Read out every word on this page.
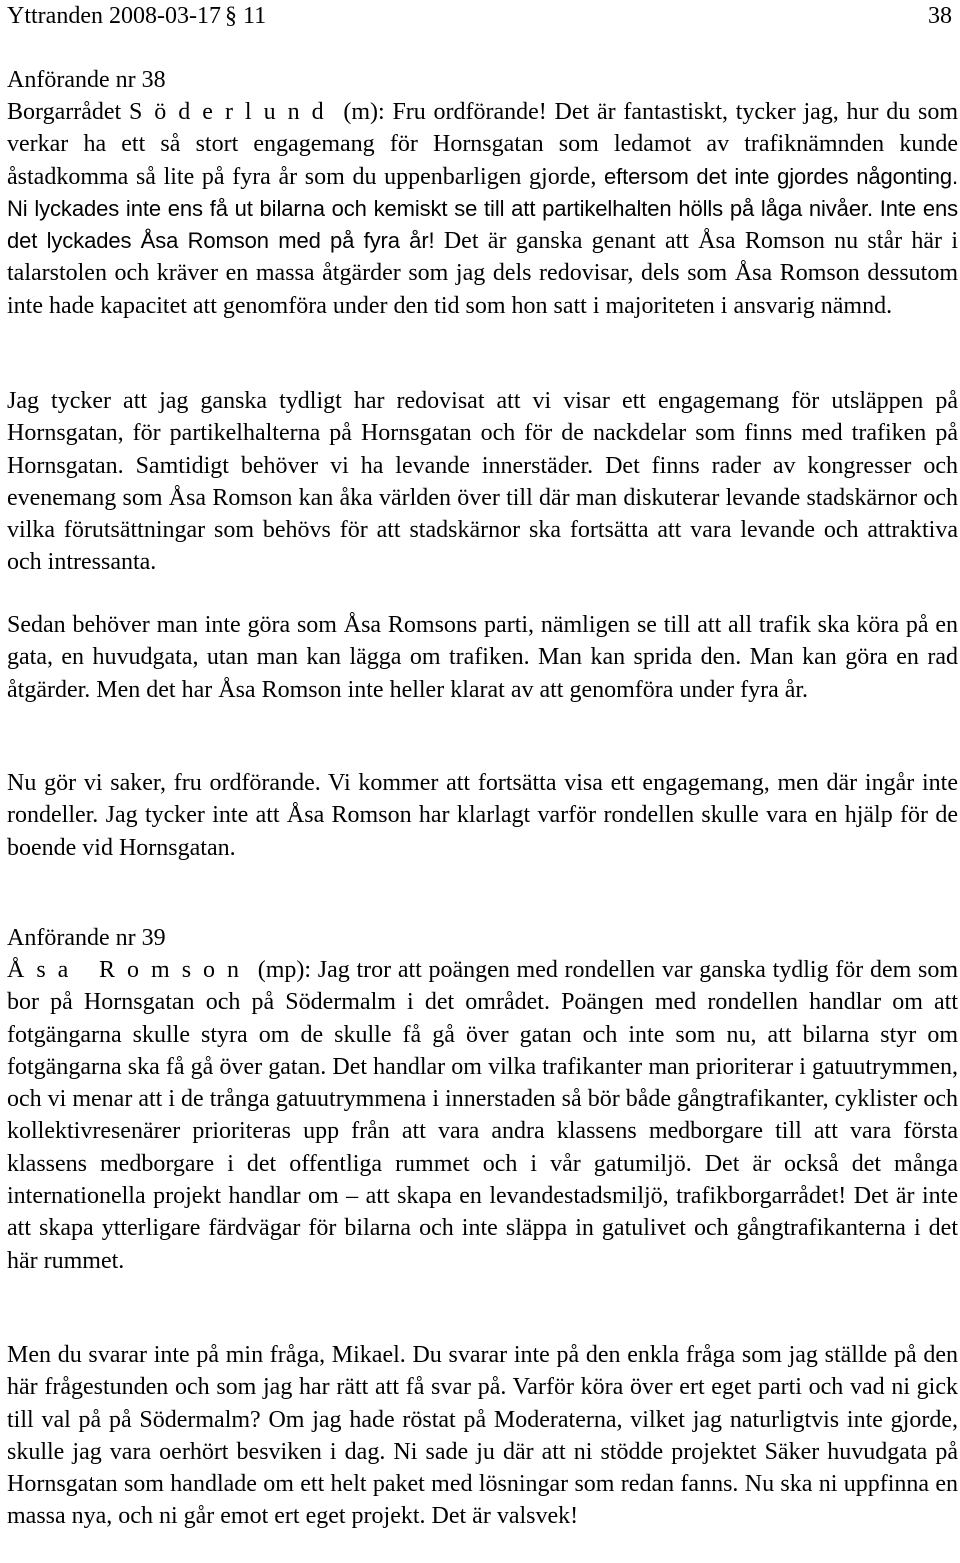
Yttranden 2008-03-17 § 11	38
Anförande nr 38

Borgarrådet Söderlund (m): Fru ordförande! Det är fantastiskt, tycker jag, hur du som verkar ha ett så stort engagemang för Hornsgatan som ledamot av trafiknämnden kunde åstadkomma så lite på fyra år som du uppenbarligen gjorde, eftersom det inte gjordes någonting. Ni lyckades inte ens få ut bilarna och kemiskt se till att partikelhalten hölls på låga nivåer. Inte ens det lyckades Åsa Romson med på fyra år! Det är ganska genant att Åsa Romson nu står här i talarstolen och kräver en massa åtgärder som jag dels redovisar, dels som Åsa Romson dessutom inte hade kapacitet att genomföra under den tid som hon satt i majoriteten i ansvarig nämnd.

Jag tycker att jag ganska tydligt har redovisat att vi visar ett engagemang för utsläppen på Hornsgatan, för partikelhalterna på Hornsgatan och för de nackdelar som finns med trafiken på Hornsgatan. Samtidigt behöver vi ha levande innerstäder. Det finns rader av kongresser och evenemang som Åsa Romson kan åka världen över till där man diskuterar levande stadskärnor och vilka förutsättningar som behövs för att stadskärnor ska fortsätta att vara levande och attraktiva och intressanta.

Sedan behöver man inte göra som Åsa Romsons parti, nämligen se till att all trafik ska köra på en gata, en huvudgata, utan man kan lägga om trafiken. Man kan sprida den. Man kan göra en rad åtgärder. Men det har Åsa Romson inte heller klarat av att genomföra under fyra år.

Nu gör vi saker, fru ordförande. Vi kommer att fortsätta visa ett engagemang, men där ingår inte rondeller. Jag tycker inte att Åsa Romson har klarlagt varför rondellen skulle vara en hjälp för de boende vid Hornsgatan.

Anförande nr 39

Åsa Romson (mp): Jag tror att poängen med rondellen var ganska tydlig för dem som bor på Hornsgatan och på Södermalm i det området. Poängen med rondellen handlar om att fotgängarna skulle styra om de skulle få gå över gatan och inte som nu, att bilarna styr om fotgängarna ska få gå över gatan. Det handlar om vilka trafikanter man prioriterar i gatuutrymmen, och vi menar att i de trånga gatuutrymmena i innerstaden så bör både gångtrafikanter, cyklister och kollektivresenärer prioriteras upp från att vara andra klassens medborgare till att vara första klassens medborgare i det offentliga rummet och i vår gatumiljö. Det är också det många internationella projekt handlar om – att skapa en levandestadsmiljö, trafikborgarrådet! Det är inte att skapa ytterligare färdvägar för bilarna och inte släppa in gatulivet och gångtrafikanterna i det här rummet.

Men du svarar inte på min fråga, Mikael. Du svarar inte på den enkla fråga som jag ställde på den här frågestunden och som jag har rätt att få svar på. Varför köra över ert eget parti och vad ni gick till val på på Södermalm? Om jag hade röstat på Moderaterna, vilket jag naturligtvis inte gjorde, skulle jag vara oerhört besviken i dag. Ni sade ju där att ni stödde projektet Säker huvudgata på Hornsgatan som handlade om ett helt paket med lösningar som redan fanns. Nu ska ni uppfinna en massa nya, och ni går emot ert eget projekt. Det är valsvek!
